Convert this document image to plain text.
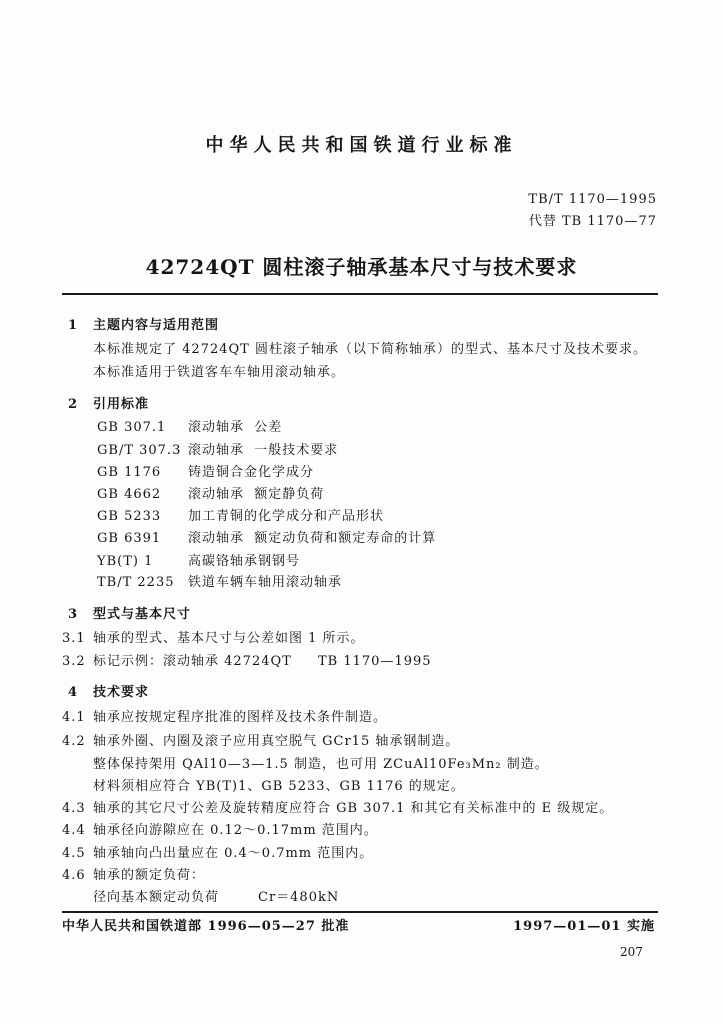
中华人民共和国铁道行业标准
TB/T 1170—1995
代替 TB 1170—77
42724QT 圆柱滚子轴承基本尺寸与技术要求
1 主题内容与适用范围
本标准规定了 42724QT 圆柱滚子轴承（以下简称轴承）的型式、基本尺寸及技术要求。
本标准适用于铁道客车车轴用滚动轴承。
2 引用标准
GB 307.1 滚动轴承  公差
GB/T 307.3 滚动轴承  一般技术要求
GB 1176 铸造铜合金化学成分
GB 4662 滚动轴承  额定静负荷
GB 5233 加工青铜的化学成分和产品形状
GB 6391 滚动轴承  额定动负荷和额定寿命的计算
YB(T) 1	高碳铬轴承钢钢号
TB/T 2235 铁道车辆车轴用滚动轴承
3 型式与基本尺寸
3.1 轴承的型式、基本尺寸与公差如图 1 所示。
3.2 标记示例：滚动轴承 42724QT TB 1170—1995
4 技术要求
4.1 轴承应按规定程序批准的图样及技术条件制造。
4.2 轴承外圈、内圈及滚子应用真空脱气 GCr15 轴承钢制造。
整体保持架用 QAl10—3—1.5 制造，也可用 ZCuAl10Fe₃Mn₂ 制造。
材料须相应符合 YB(T)1、GB 5233、GB 1176 的规定。
4.3 轴承的其它尺寸公差及旋转精度应符合 GB 307.1 和其它有关标准中的 E 级规定。
4.4 轴承径向游隙应在 0.12～0.17mm 范围内。
4.5 轴承轴向凸出量应在 0.4～0.7mm 范围内。
4.6 轴承的额定负荷：
径向基本额定动负荷	Cr＝480kN
中华人民共和国铁道部 1996—05—27 批准	1997—01—01 实施
207
